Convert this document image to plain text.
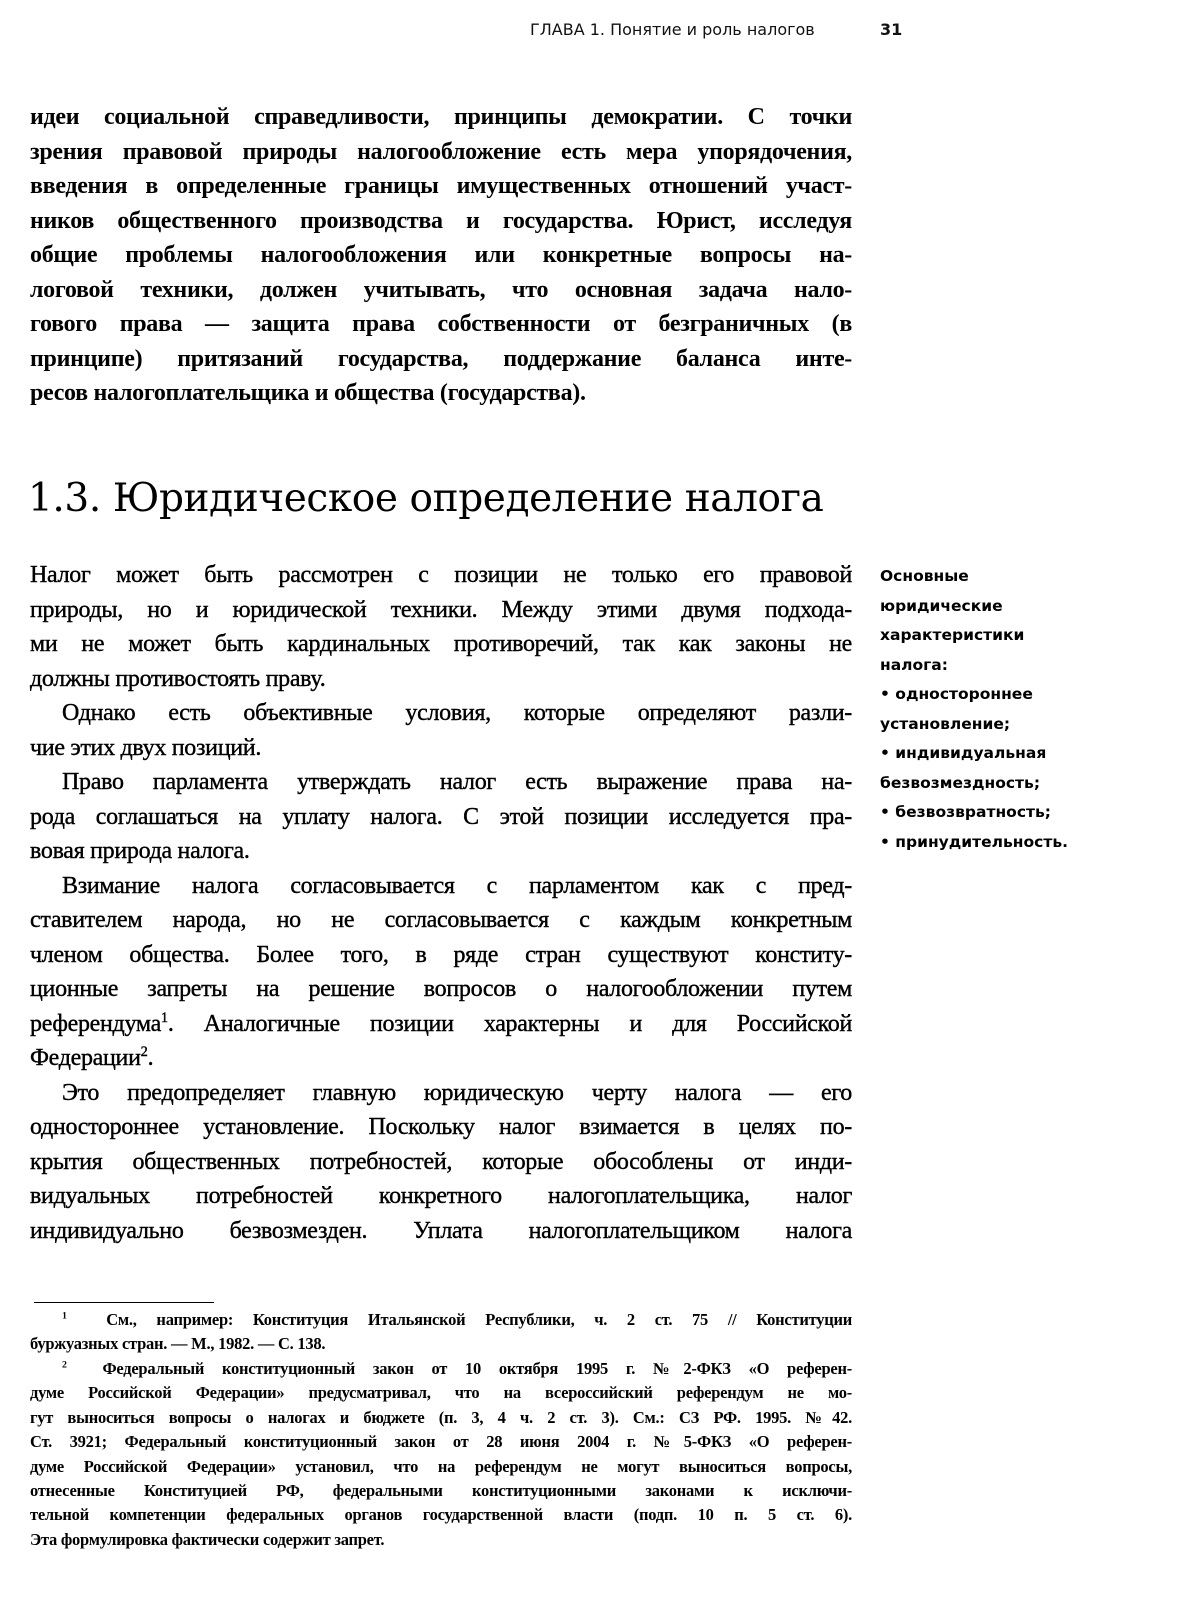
ГЛАВА 1. Понятие и роль налогов	31
идеи социальной справедливости, принципы демократии. С точки
зрения правовой природы налогообложение есть мера упорядочения,
введения в определенные границы имущественных отношений участ-
ников общественного производства и государства. Юрист, исследуя
общие проблемы налогообложения или конкретные вопросы на-
логовой техники, должен учитывать, что основная задача нало-
гового права — защита права собственности от безграничных (в
принципе) притязаний государства, поддержание баланса инте-
ресов налогоплательщика и общества (государства).
1.3. Юридическое определение налога
Налог может быть рассмотрен с позиции не только его правовой
природы, но и юридической техники. Между этими двумя подхода-
ми не может быть кардинальных противоречий, так как законы не
должны противостоять праву.
Однако есть объективные условия, которые определяют разли-
чие этих двух позиций.
Право парламента утверждать налог есть выражение права на-
рода соглашаться на уплату налога. С этой позиции исследуется пра-
вовая природа налога.
Взимание налога согласовывается с парламентом как с пред-
ставителем народа, но не согласовывается с каждым конкретным
членом общества. Более того, в ряде стран существуют конститу-
ционные запреты на решение вопросов о налогообложении путем
референдума$^1$. Аналогичные позиции характерны и для Российской
Федерации$^2$.
Это предопределяет главную юридическую черту налога — его
одностороннее установление. Поскольку налог взимается в целях по-
крытия общественных потребностей, которые обособлены от инди-
видуальных потребностей конкретного налогоплательщика, налог
индивидуально безвозмезден. Уплата налогоплательщиком налога
Основные
юридические
характеристики
налога:
• одностороннее
установление;
• индивидуальная
безвозмездность;
• безвозвратность;
• принудительность.
$^1$ См., например: Конституция Итальянской Республики, ч. 2 ст. 75 // Конституции
буржуазных стран. — М., 1982. — С. 138.
$^2$ Федеральный конституционный закон от 10 октября 1995 г. №2-ФКЗ «О референ-
думе Российской Федерации» предусматривал, что на всероссийский референдум не мо-
гут выноситься вопросы о налогах и бюджете (п. 3, 4 ч. 2 ст. 3). См.: СЗ РФ. 1995. №42.
Ст. 3921; Федеральный конституционный закон от 28 июня 2004 г. №5-ФКЗ «О референ-
думе Российской Федерации» установил, что на референдум не могут выноситься вопросы,
отнесенные Конституцией РФ, федеральными конституционными законами к исключи-
тельной компетенции федеральных органов государственной власти (подп. 10 п. 5 ст. 6).
Эта формулировка фактически содержит запрет.
